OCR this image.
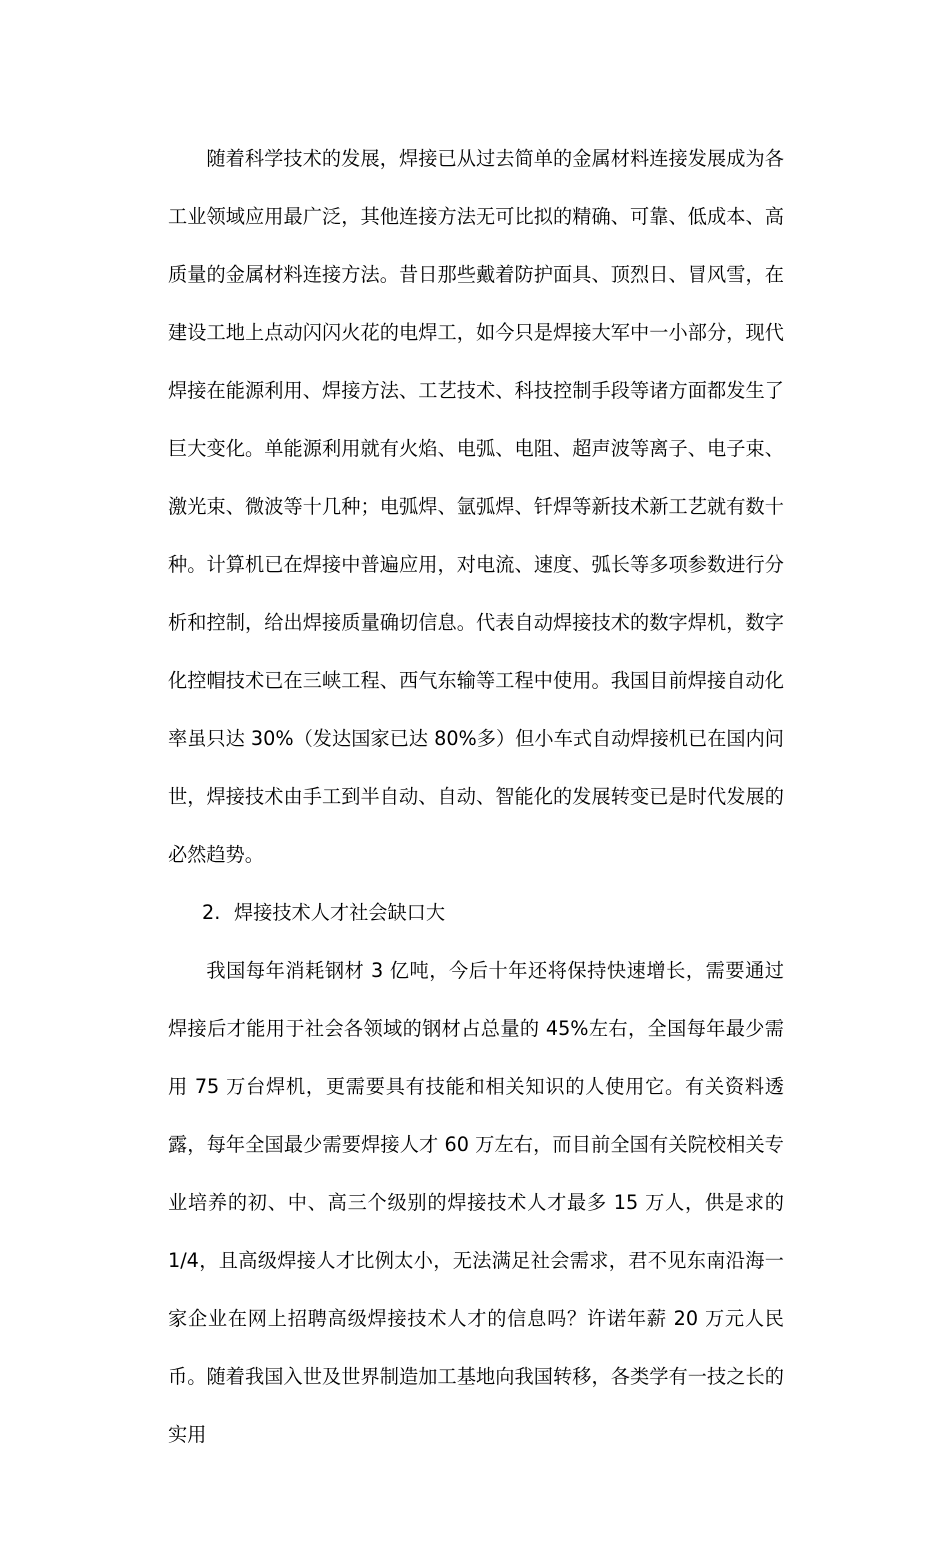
随着科学技术的发展，焊接已从过去简单的金属材料连接发展成为各工业领域应用最广泛，其他连接方法无可比拟的精确、可靠、低成本、高质量的金属材料连接方法。昔日那些戴着防护面具、顶烈日、冒风雪，在建设工地上点动闪闪火花的电焊工，如今只是焊接大军中一小部分，现代焊接在能源利用、焊接方法、工艺技术、科技控制手段等诸方面都发生了巨大变化。单能源利用就有火焰、电弧、电阻、超声波等离子、电子束、激光束、微波等十几种；电弧焊、氩弧焊、钎焊等新技术新工艺就有数十种。计算机已在焊接中普遍应用，对电流、速度、弧长等多项参数进行分析和控制，给出焊接质量确切信息。代表自动焊接技术的数字焊机，数字化控帽技术已在三峡工程、西气东输等工程中使用。我国目前焊接自动化率虽只达 30%（发达国家已达 80%多）但小车式自动焊接机已在国内问世，焊接技术由手工到半自动、自动、智能化的发展转变已是时代发展的必然趋势。

2. 焊接技术人才社会缺口大

我国每年消耗钢材 3 亿吨，今后十年还将保持快速增长，需要通过焊接后才能用于社会各领域的钢材占总量的 45%左右，全国每年最少需用 75 万台焊机，更需要具有技能和相关知识的人使用它。有关资料透露，每年全国最少需要焊接人才 60 万左右，而目前全国有关院校相关专业培养的初、中、高三个级别的焊接技术人才最多 15 万人，供是求的 1/4，且高级焊接人才比例太小，无法满足社会需求，君不见东南沿海一家企业在网上招聘高级焊接技术人才的信息吗？许诺年薪 20 万元人民币。随着我国入世及世界制造加工基地向我国转移，各类学有一技之长的实用
